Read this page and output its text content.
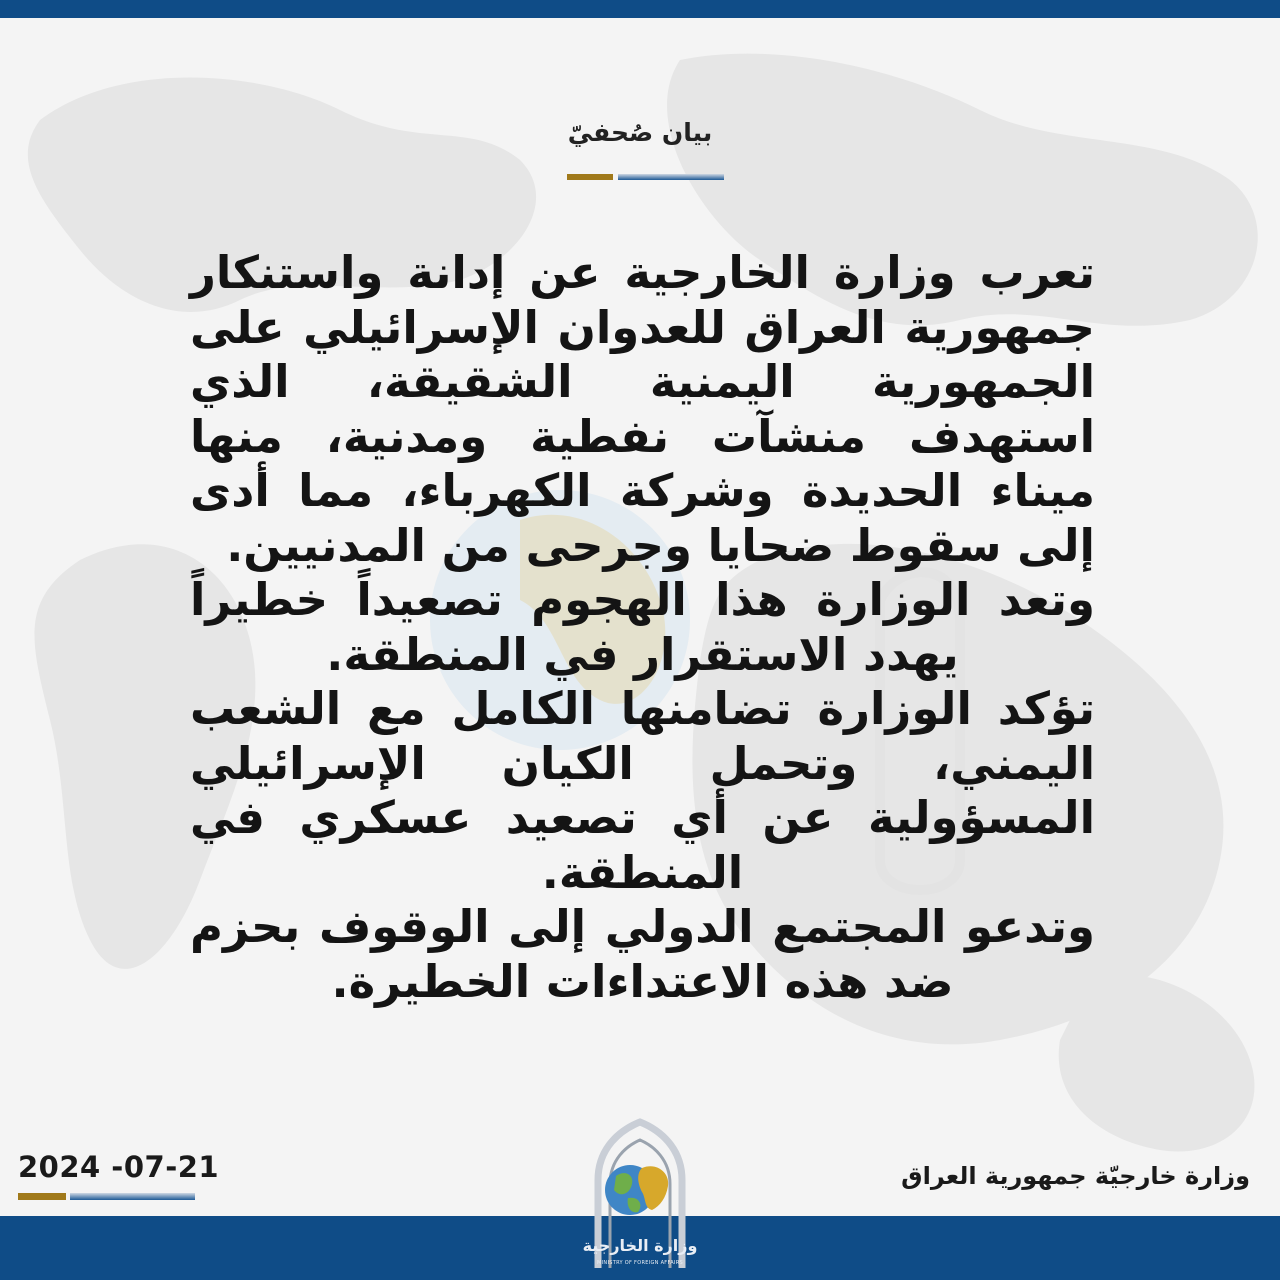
بيان صُحفيّ

تعرب وزارة الخارجية عن إدانة واستنكار جمهورية العراق للعدوان الإسرائيلي على الجمهورية اليمنية الشقيقة، الذي استهدف منشآت نفطية ومدنية، منها ميناء الحديدة وشركة الكهرباء، مما أدى إلى سقوط ضحايا وجرحى من المدنيين.

وتعد الوزارة هذا الهجوم تصعيداً خطيراً يهدد الاستقرار في المنطقة.

تؤكد الوزارة تضامنها الكامل مع الشعب اليمني، وتحمل الكيان الإسرائيلي المسؤولية عن أي تصعيد عسكري في المنطقة.

وتدعو المجتمع الدولي إلى الوقوف بحزم ضد هذه الاعتداءات الخطيرة.

2024 -07-21	وزارة خارجيّة جمهورية العراق
وزارة الخارجية
MINISTRY OF FOREIGN AFFAIRS
